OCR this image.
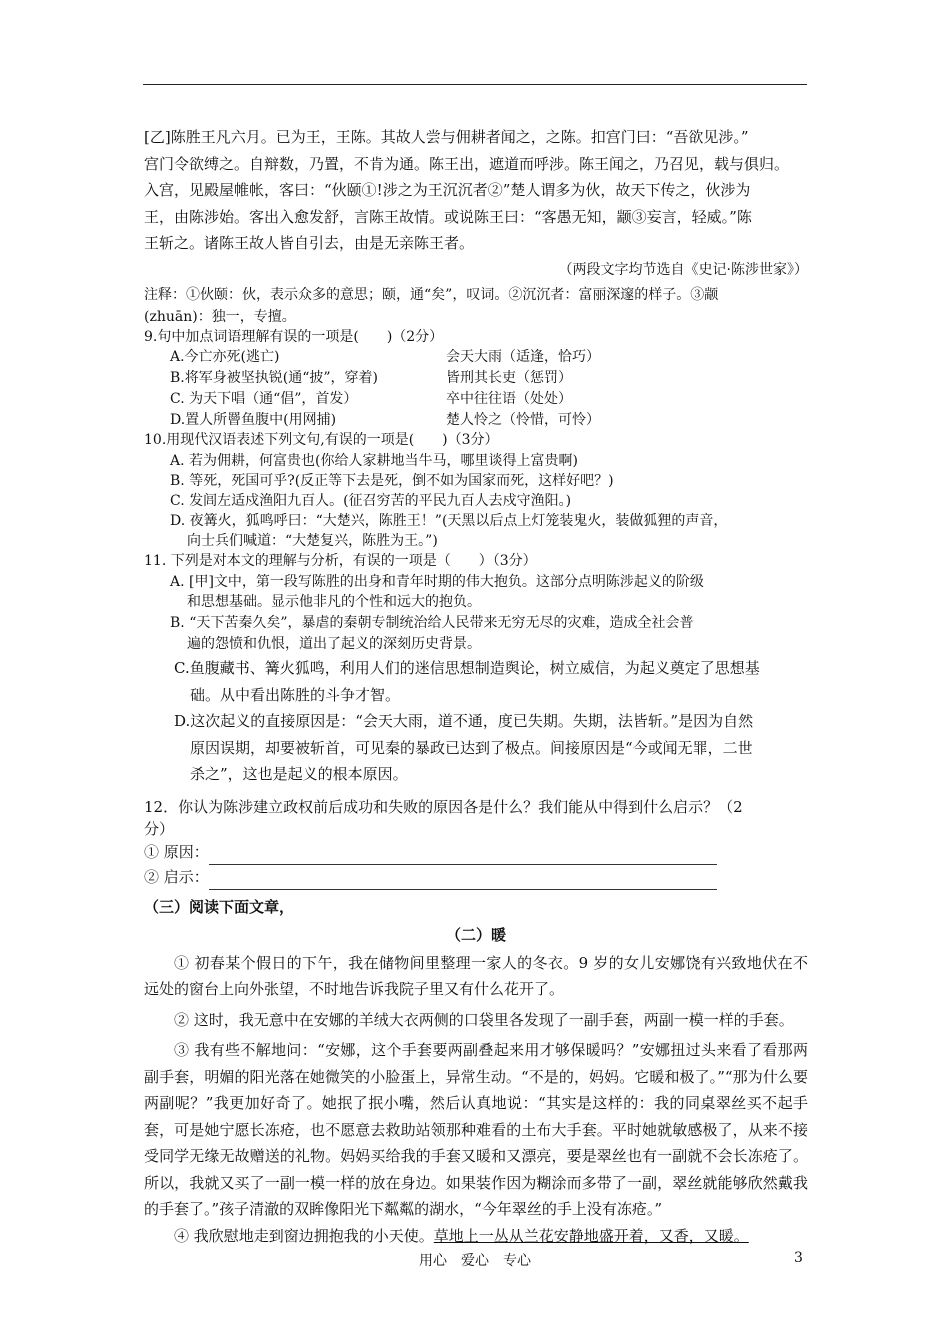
[乙]陈胜王凡六月。已为王，王陈。其故人尝与佣耕者闻之，之陈。扣宫门曰：“吾欲见涉。”

宫门令欲缚之。自辩数，乃置，不肯为通。陈王出，遮道而呼涉。陈王闻之，乃召见，载与俱归。

入宫，见殿屋帷帐，客曰：“伙颐①!涉之为王沉沉者②”楚人谓多为伙，故天下传之，伙涉为

王，由陈涉始。客出入愈发舒，言陈王故情。或说陈王曰：“客愚无知，颛③妄言，轻威。”陈

王斩之。诸陈王故人皆自引去，由是无亲陈王者。

（两段文字均节选自《史记·陈涉世家》）

注释：①伙颐：伙，表示众多的意思；颐，通“矣”，叹词。②沉沉者：富丽深邃的样子。③颛

(zhuān)：独一，专擅。

9.句中加点词语理解有误的一项是(　　)（2分）

A.今亡亦死(逃亡)	会天大雨（适逢，恰巧）

B.将军身被坚执锐(通“披”，穿着)	皆刑其长吏（惩罚）

C. 为天下唱（通“倡”，首发）	卒中往往语（处处）

D.置人所罾鱼腹中(用网捕)	楚人怜之（怜惜，可怜）

10.用现代汉语表述下列文句,有误的一项是(　　)（3分）

A. 若为佣耕，何富贵也(你给人家耕地当牛马，哪里谈得上富贵啊)

B. 等死，死国可乎?(反正等下去是死，倒不如为国家而死，这样好吧？)

C. 发闾左适戍渔阳九百人。(征召穷苦的平民九百人去戍守渔阳。)

D. 夜篝火，狐鸣呼曰：“大楚兴，陈胜王！”(天黑以后点上灯笼装鬼火，装做狐狸的声音，
向士兵们喊道：“大楚复兴，陈胜为王。”)

11. 下列是对本文的理解与分析，有误的一项是（　　）（3分）

A. [甲]文中，第一段写陈胜的出身和青年时期的伟大抱负。这部分点明陈涉起义的阶级
和思想基础。显示他非凡的个性和远大的抱负。

B. “天下苦秦久矣”，暴虐的秦朝专制统治给人民带来无穷无尽的灾难，造成全社会普
遍的怨愤和仇恨，道出了起义的深刻历史背景。

C.鱼腹藏书、篝火狐鸣，利用人们的迷信思想制造舆论，树立威信，为起义奠定了思想基
础。从中看出陈胜的斗争才智。

D.这次起义的直接原因是：“会天大雨，道不通，度已失期。失期，法皆斩。”是因为自然
原因误期，却要被斩首，可见秦的暴政已达到了极点。间接原因是“今或闻无罪，二世
杀之”，这也是起义的根本原因。

12．你认为陈涉建立政权前后成功和失败的原因各是什么？我们能从中得到什么启示？（2
分）

① 原因：

② 启示：

（三）阅读下面文章，

（二）暖

① 初春某个假日的下午，我在储物间里整理一家人的冬衣。9 岁的女儿安娜饶有兴致地伏在不远处的窗台上向外张望，不时地告诉我院子里又有什么花开了。

② 这时，我无意中在安娜的羊绒大衣两侧的口袋里各发现了一副手套，两副一模一样的手套。

③ 我有些不解地问：“安娜，这个手套要两副叠起来用才够保暖吗？”安娜扭过头来看了看那两副手套，明媚的阳光落在她微笑的小脸蛋上，异常生动。“不是的，妈妈。它暖和极了。”“那为什么要两副呢？”我更加好奇了。她抿了抿小嘴，然后认真地说：“其实是这样的：我的同桌翠丝买不起手套，可是她宁愿长冻疮，也不愿意去救助站领那种难看的土布大手套。平时她就敏感极了，从来不接受同学无缘无故赠送的礼物。妈妈买给我的手套又暖和又漂亮，要是翠丝也有一副就不会长冻疮了。所以，我就又买了一副一模一样的放在身边。如果装作因为糊涂而多带了一副，翠丝就能够欣然戴我的手套了。”孩子清澈的双眸像阳光下粼粼的湖水，“今年翠丝的手上没有冻疮。”

④ 我欣慰地走到窗边拥抱我的小天使。草地上一丛从兰花安静地盛开着，又香，又暖。

用心　爱心　专心	3
